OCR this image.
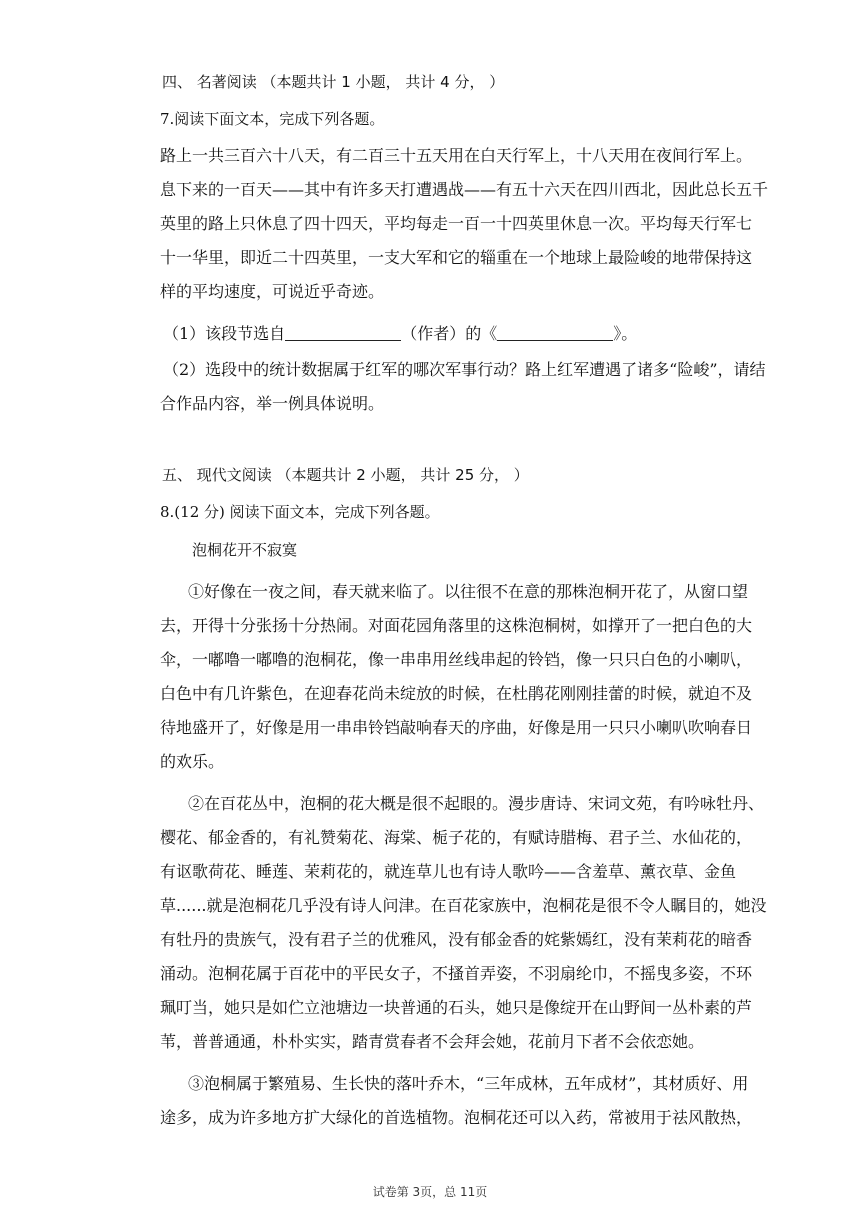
四、 名著阅读 （本题共计 1 小题， 共计 4 分， ）
7.阅读下面文本，完成下列各题。
路上一共三百六十八天，有二百三十五天用在白天行军上，十八天用在夜间行军上。
息下来的一百天——其中有许多天打遭遇战——有五十六天在四川西北，因此总长五千
英里的路上只休息了四十四天，平均每走一百一十四英里休息一次。平均每天行军七
十一华里，即近二十四英里，一支大军和它的辎重在一个地球上最险峻的地带保持这
样的平均速度，可说近乎奇迹。
（1）该段节选自	（作者）的《	》。
（2）选段中的统计数据属于红军的哪次军事行动？路上红军遭遇了诸多“险峻”，请结
合作品内容，举一例具体说明。
五、 现代文阅读 （本题共计 2 小题， 共计 25 分， ）
8.(12 分) 阅读下面文本，完成下列各题。
泡桐花开不寂寞
①好像在一夜之间，春天就来临了。以往很不在意的那株泡桐开花了，从窗口望
去，开得十分张扬十分热闹。对面花园角落里的这株泡桐树，如撑开了一把白色的大
伞，一嘟噜一嘟噜的泡桐花，像一串串用丝线串起的铃铛，像一只只白色的小喇叭，
白色中有几许紫色，在迎春花尚未绽放的时候，在杜鹃花刚刚挂蕾的时候，就迫不及
待地盛开了，好像是用一串串铃铛敲响春天的序曲，好像是用一只只小喇叭吹响春日
的欢乐。
②在百花丛中，泡桐的花大概是很不起眼的。漫步唐诗、宋词文苑，有吟咏牡丹、
樱花、郁金香的，有礼赞菊花、海棠、栀子花的，有赋诗腊梅、君子兰、水仙花的，
有讴歌荷花、睡莲、茉莉花的，就连草儿也有诗人歌吟——含羞草、薰衣草、金鱼
草......就是泡桐花几乎没有诗人问津。在百花家族中，泡桐花是很不令人瞩目的，她没
有牡丹的贵族气，没有君子兰的优雅风，没有郁金香的姹紫嫣红，没有茉莉花的暗香
涌动。泡桐花属于百花中的平民女子，不搔首弄姿，不羽扇纶巾，不摇曳多姿，不环
珮叮当，她只是如伫立池塘边一块普通的石头，她只是像绽开在山野间一丛朴素的芦
苇，普普通通，朴朴实实，踏青赏春者不会拜会她，花前月下者不会依恋她。
③泡桐属于繁殖易、生长快的落叶乔木，“三年成林，五年成材”，其材质好、用
途多，成为许多地方扩大绿化的首选植物。泡桐花还可以入药，常被用于祛风散热，
试卷第 3页，总 11页
